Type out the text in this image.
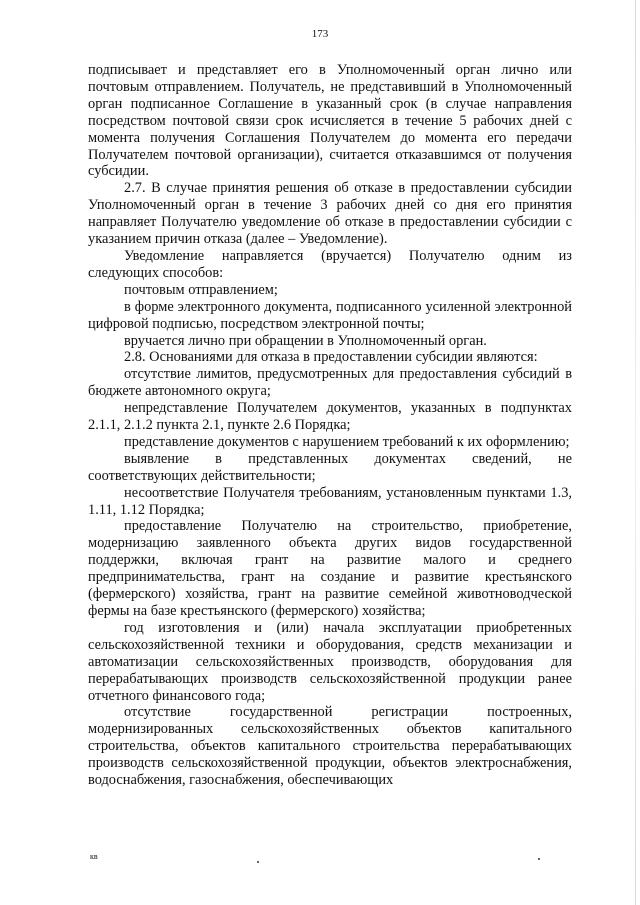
173

подписывает и представляет его в Уполномоченный орган лично или почтовым отправлением. Получатель, не представивший в Уполномоченный орган подписанное Соглашение в указанный срок (в случае направления посредством почтовой связи срок исчисляется в течение 5 рабочих дней с момента получения Соглашения Получателем до момента его передачи Получателем почтовой организации), считается отказавшимся от получения субсидии.

2.7. В случае принятия решения об отказе в предоставлении субсидии Уполномоченный орган в течение 3 рабочих дней со дня его принятия направляет Получателю уведомление об отказе в предоставлении субсидии с указанием причин отказа (далее – Уведомление).

Уведомление направляется (вручается) Получателю одним из следующих способов:

почтовым отправлением;

в форме электронного документа, подписанного усиленной электронной цифровой подписью, посредством электронной почты;

вручается лично при обращении в Уполномоченный орган.

2.8. Основаниями для отказа в предоставлении субсидии являются:

отсутствие лимитов, предусмотренных для предоставления субсидий в бюджете автономного округа;

непредставление Получателем документов, указанных в подпунктах 2.1.1, 2.1.2 пункта 2.1, пункте 2.6 Порядка;

представление документов с нарушением требований к их оформлению;

выявление в представленных документах сведений, не соответствующих действительности;

несоответствие Получателя требованиям, установленным пунктами 1.3, 1.11, 1.12 Порядка;

предоставление Получателю на строительство, приобретение, модернизацию заявленного объекта других видов государственной поддержки, включая грант на развитие малого и среднего предпринимательства, грант на создание и развитие крестьянского (фермерского) хозяйства, грант на развитие семейной животноводческой фермы на базе крестьянского (фермерского) хозяйства;

год изготовления и (или) начала эксплуатации приобретенных сельскохозяйственной техники и оборудования, средств механизации и автоматизации сельскохозяйственных производств, оборудования для перерабатывающих производств сельскохозяйственной продукции ранее отчетного финансового года;

отсутствие государственной регистрации построенных, модернизированных сельскохозяйственных объектов капитального строительства, объектов капитального строительства перерабатывающих производств сельскохозяйственной продукции, объектов электроснабжения, водоснабжения, газоснабжения, обеспечивающих

кв
